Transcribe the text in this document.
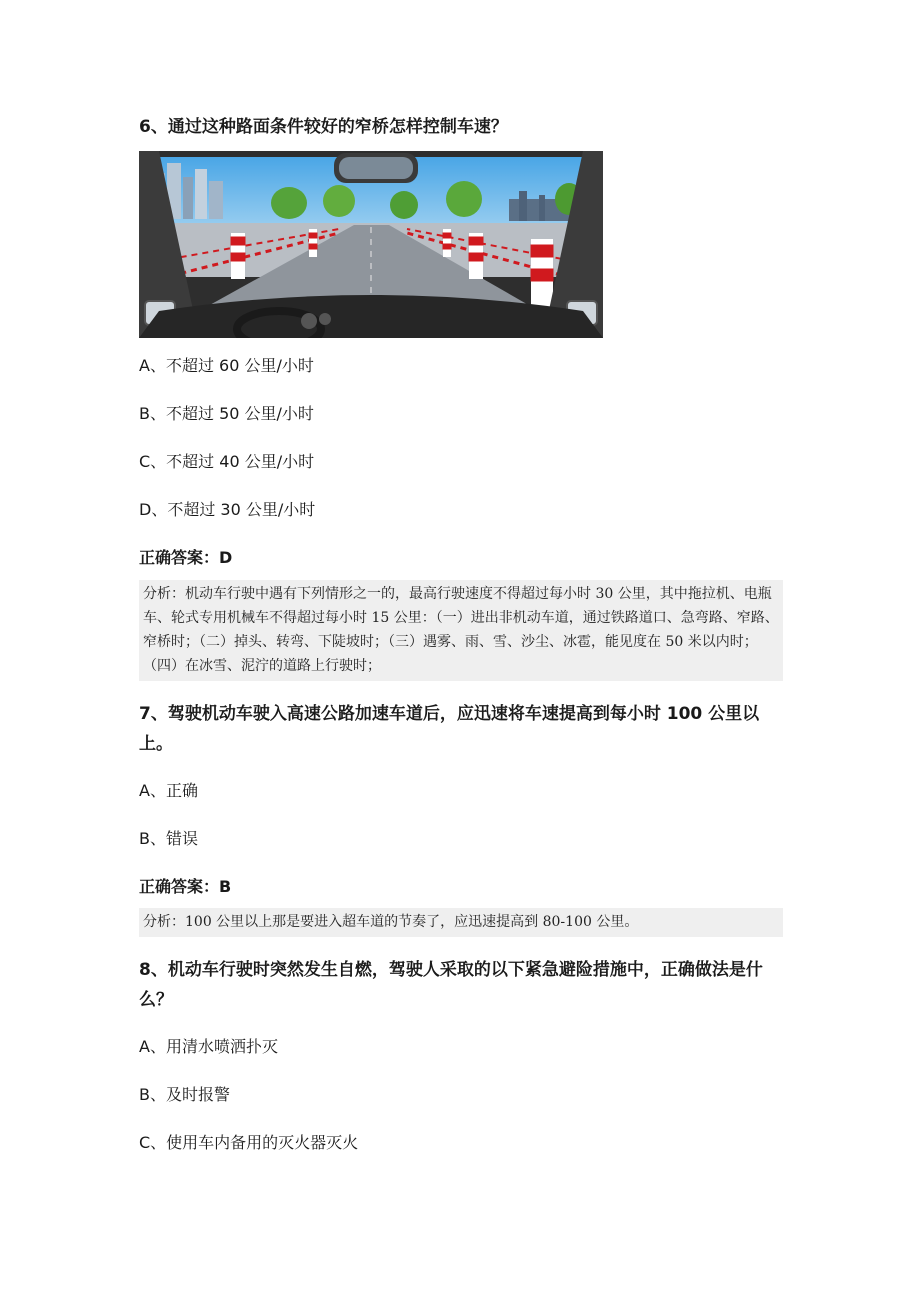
6、通过这种路面条件较好的窄桥怎样控制车速？
A、不超过 60 公里/小时
B、不超过 50 公里/小时
C、不超过 40 公里/小时
D、不超过 30 公里/小时
正确答案：D
分析：机动车行驶中遇有下列情形之一的，最高行驶速度不得超过每小时 30 公里，其中拖拉机、电瓶车、轮式专用机械车不得超过每小时 15 公里：（一）进出非机动车道，通过铁路道口、急弯路、窄路、窄桥时；（二）掉头、转弯、下陡坡时；（三）遇雾、雨、雪、沙尘、冰雹，能见度在 50 米以内时；（四）在冰雪、泥泞的道路上行驶时；
7、驾驶机动车驶入高速公路加速车道后，应迅速将车速提高到每小时 100 公里以上。
A、正确
B、错误
正确答案：B
分析：100 公里以上那是要进入超车道的节奏了，应迅速提高到 80-100 公里。
8、机动车行驶时突然发生自燃，驾驶人采取的以下紧急避险措施中，正确做法是什么？
A、用清水喷洒扑灭
B、及时报警
C、使用车内备用的灭火器灭火
